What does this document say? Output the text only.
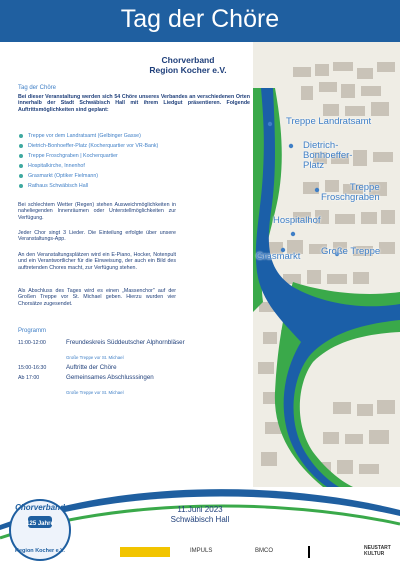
Tag der Chöre
Treppe Landratsamt
Dietrich-
Bonhoeffer-
Platz
Treppe
Froschgraben
Hospitalhof
Grasmarkt Große Treppe
Chorverband
Region Kocher e.V.
Tag der Chöre
Bei dieser Veranstaltung werden sich 54 Chöre unseres Verbandes an verschiedenen Orten innerhalb der Stadt Schwäbisch Hall mit ihrem Liedgut präsentieren. Folgende Auftrittsmöglichkeiten sind geplant:
Treppe vor dem Landratsamt (Gelbinger Gasse)
Dietrich-Bonhoeffer-Platz (Kocherquartier vor VR-Bank)
Treppe Froschgraben | Kocherquartier
Hospitalkirche, Innenhof
Grasmarkt (Optiker Fielmann)
Rathaus Schwäbisch Hall
Bei schlechtem Wetter (Regen) stehen Ausweichmöglichkeiten in naheliegenden Innenräumen oder Unterstellmöglichkeiten zur Verfügung.
Jeder Chor singt 3 Lieder. Die Einteilung erfolgte über unsere Veranstaltungs-App.
An den Veranstaltungsplätzen wird ein E-Piano, Hocker, Notenpult und ein Verantwortlicher für die Einweisung, der auch ein Bild des auftretenden Chores macht, zur Verfügung stehen.
Als Abschluss des Tages wird es einen „Massenchor" auf der Großen Treppe vor St. Michael geben. Hierzu wurden vier Chorsätze zugesendet.
Programm
11:00-12:00	Freundeskreis Süddeutscher Alphornbläser
Große Treppe vor St. Michael
15:00-16:30	Auftritte der Chöre
Ab 17:00	Gemeinsames Abschlusssingen
Große Treppe vor St. Michael
Chorverband
Region Kocher e.V.
125 Jahre
11.Juni 2023
Schwäbisch Hall
IMPULS	BMCO	NEUSTART KULTUR
